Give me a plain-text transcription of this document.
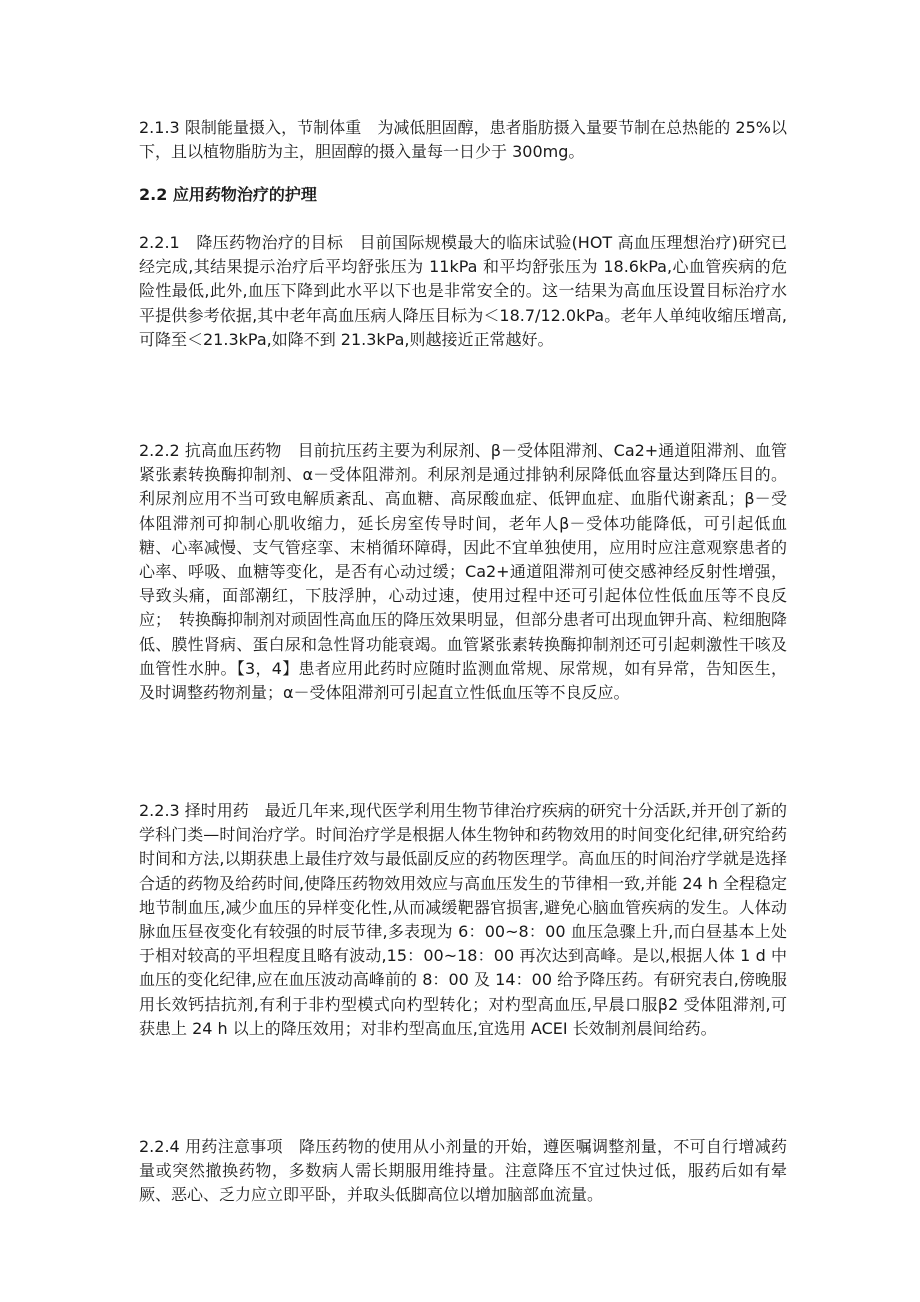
2.1.3 限制能量摄入，节制体重　为减低胆固醇，患者脂肪摄入量要节制在总热能的 25%以下，且以植物脂肪为主，胆固醇的摄入量每一日少于 300mg。

2.2 应用药物治疗的护理

2.2.1　降压药物治疗的目标　目前国际规模最大的临床试验(HOT 高血压理想治疗)研究已经完成,其结果提示治疗后平均舒张压为 11kPa 和平均舒张压为 18.6kPa,心血管疾病的危险性最低,此外,血压下降到此水平以下也是非常安全的。这一结果为高血压设置目标治疗水平提供参考依据,其中老年高血压病人降压目标为＜18.7/12.0kPa。老年人单纯收缩压增高,可降至＜21.3kPa,如降不到 21.3kPa,则越接近正常越好。

2.2.2 抗高血压药物　目前抗压药主要为利尿剂、β－受体阻滞剂、Ca2+通道阻滞剂、血管紧张素转换酶抑制剂、α－受体阻滞剂。利尿剂是通过排钠利尿降低血容量达到降压目的。利尿剂应用不当可致电解质紊乱、高血糖、高尿酸血症、低钾血症、血脂代谢紊乱；β－受体阻滞剂可抑制心肌收缩力，延长房室传导时间，老年人β－受体功能降低，可引起低血糖、心率减慢、支气管痉挛、末梢循环障碍，因此不宜单独使用，应用时应注意观察患者的心率、呼吸、血糖等变化，是否有心动过缓；Ca2+通道阻滞剂可使交感神经反射性增强，导致头痛，面部潮红，下肢浮肿，心动过速，使用过程中还可引起体位性低血压等不良反应；　转换酶抑制剂对顽固性高血压的降压效果明显，但部分患者可出现血钾升高、粒细胞降低、膜性肾病、蛋白尿和急性肾功能衰竭。血管紧张素转换酶抑制剂还可引起刺激性干咳及血管性水肿。【3，4】患者应用此药时应随时监测血常规、尿常规，如有异常，告知医生，及时调整药物剂量；α－受体阻滞剂可引起直立性低血压等不良反应。

2.2.3 择时用药　最近几年来,现代医学利用生物节律治疗疾病的研究十分活跃,并开创了新的学科门类—时间治疗学。时间治疗学是根据人体生物钟和药物效用的时间变化纪律,研究给药时间和方法,以期获患上最佳疗效与最低副反应的药物医理学。高血压的时间治疗学就是选择合适的药物及给药时间,使降压药物效用效应与高血压发生的节律相一致,并能 24 h 全程稳定地节制血压,减少血压的异样变化性,从而减缓靶器官损害,避免心脑血管疾病的发生。人体动脉血压昼夜变化有较强的时辰节律,多表现为 6：00~8：00 血压急骤上升,而白昼基本上处于相对较高的平坦程度且略有波动,15：00~18：00 再次达到高峰。是以,根据人体 1 d 中血压的变化纪律,应在血压波动高峰前的 8：00 及 14：00 给予降压药。有研究表白,傍晚服用长效钙拮抗剂,有利于非杓型模式向杓型转化；对杓型高血压,早晨口服β2 受体阻滞剂,可获患上 24 h 以上的降压效用；对非杓型高血压,宜选用 ACEI 长效制剂晨间给药。

2.2.4 用药注意事项　降压药物的使用从小剂量的开始，遵医嘱调整剂量，不可自行增减药量或突然撤换药物，多数病人需长期服用维持量。注意降压不宜过快过低，服药后如有晕厥、恶心、乏力应立即平卧，并取头低脚高位以增加脑部血流量。
